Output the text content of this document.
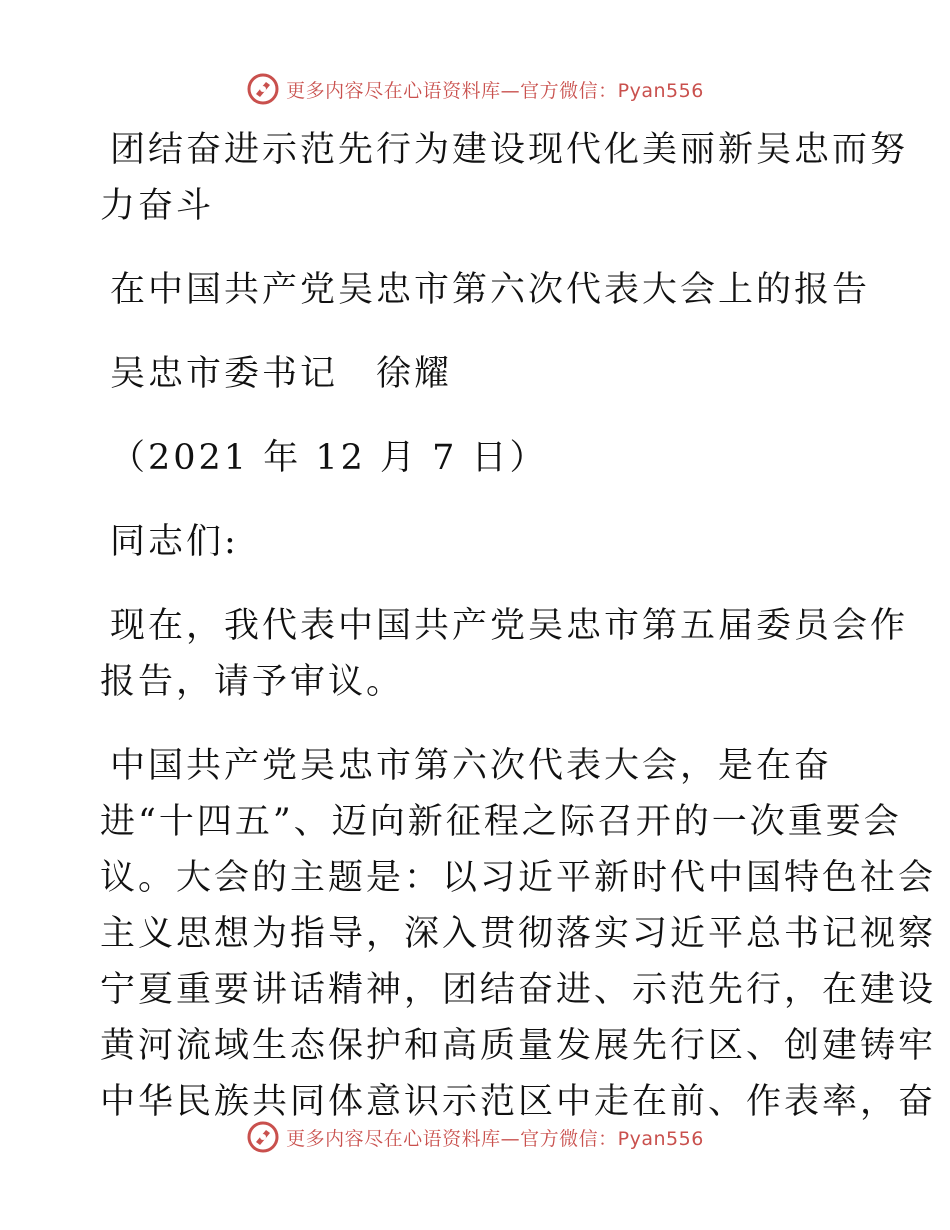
更多内容尽在心语资料库—官方微信：Pyan556

团结奋进示范先行为建设现代化美丽新吴忠而努

力奋斗

在中国共产党吴忠市第六次代表大会上的报告

吴忠市委书记　徐耀

（2021 年 12 月 7 日）

同志们:

现在，我代表中国共产党吴忠市第五届委员会作

报告，请予审议。

中国共产党吴忠市第六次代表大会，是在奋

进“十四五”、迈向新征程之际召开的一次重要会

议。大会的主题是：以习近平新时代中国特色社会

主义思想为指导，深入贯彻落实习近平总书记视察

宁夏重要讲话精神，团结奋进、示范先行，在建设

黄河流域生态保护和高质量发展先行区、创建铸牢

中华民族共同体意识示范区中走在前、作表率，奋

更多内容尽在心语资料库—官方微信：Pyan556
